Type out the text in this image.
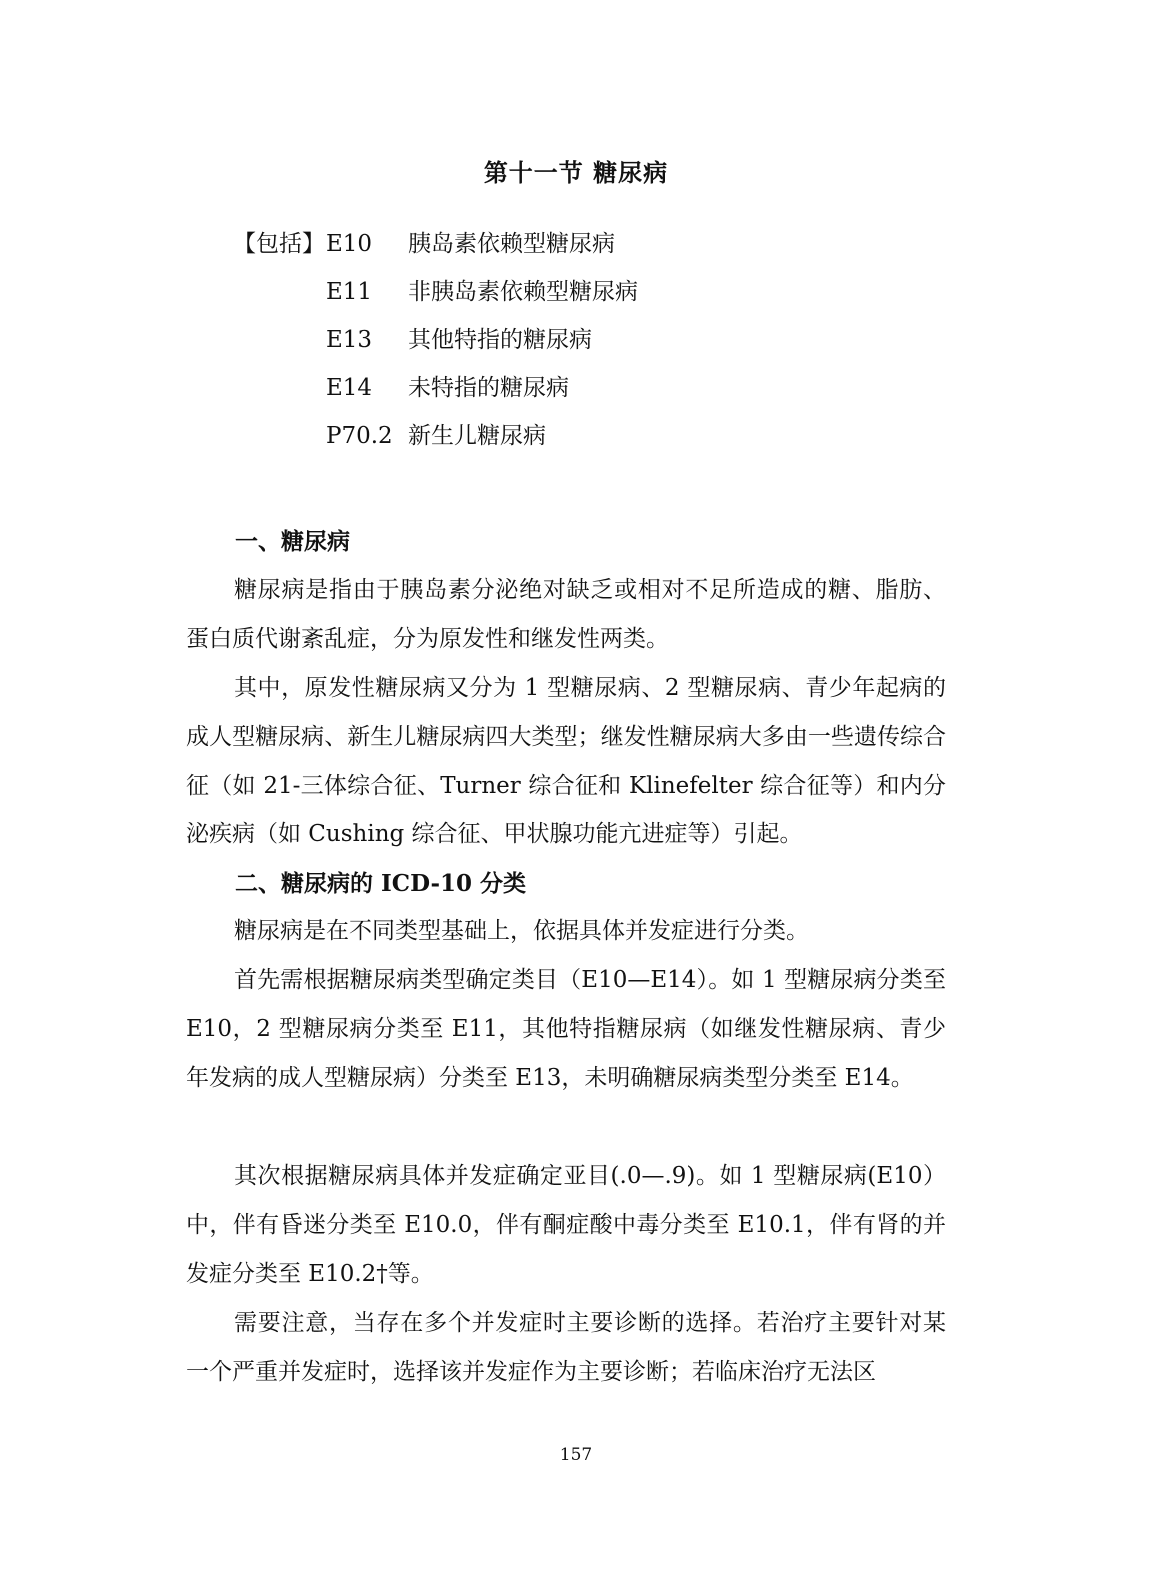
第十一节 糖尿病
【包括】 E10 胰岛素依赖型糖尿病
E11 非胰岛素依赖型糖尿病
E13 其他特指的糖尿病
E14 未特指的糖尿病
P70.2 新生儿糖尿病
一、糖尿病

糖尿病是指由于胰岛素分泌绝对缺乏或相对不足所造成的糖、脂肪、蛋白质代谢紊乱症，分为原发性和继发性两类。

其中，原发性糖尿病又分为 1 型糖尿病、2 型糖尿病、青少年起病的成人型糖尿病、新生儿糖尿病四大类型；继发性糖尿病大多由一些遗传综合征（如 21-三体综合征、Turner 综合征和 Klinefelter 综合征等）和内分泌疾病（如 Cushing 综合征、甲状腺功能亢进症等）引起。

二、糖尿病的 ICD-10 分类

糖尿病是在不同类型基础上，依据具体并发症进行分类。

首先需根据糖尿病类型确定类目（E10—E14）。如 1 型糖尿病分类至 E10，2 型糖尿病分类至 E11，其他特指糖尿病（如继发性糖尿病、青少年发病的成人型糖尿病）分类至 E13，未明确糖尿病类型分类至 E14。

其次根据糖尿病具体并发症确定亚目(.0—.9)。如 1 型糖尿病(E10）中，伴有昏迷分类至 E10.0，伴有酮症酸中毒分类至 E10.1，伴有肾的并发症分类至 E10.2†等。

需要注意，当存在多个并发症时主要诊断的选择。若治疗主要针对某一个严重并发症时，选择该并发症作为主要诊断；若临床治疗无法区

157
